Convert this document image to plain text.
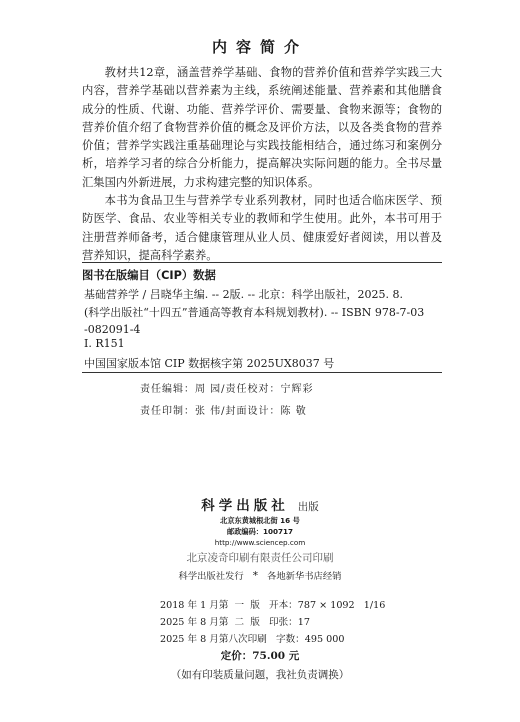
内容简介

教材共12章，涵盖营养学基础、食物的营养价值和营养学实践三大内容，营养学基础以营养素为主线，系统阐述能量、营养素和其他膳食成分的性质、代谢、功能、营养学评价、需要量、食物来源等；食物的营养价值介绍了食物营养价值的概念及评价方法，以及各类食物的营养价值；营养学实践注重基础理论与实践技能相结合，通过练习和案例分析，培养学习者的综合分析能力，提高解决实际问题的能力。全书尽量汇集国内外新进展，力求构建完整的知识体系。

本书为食品卫生与营养学专业系列教材，同时也适合临床医学、预防医学、食品、农业等相关专业的教师和学生使用。此外，本书可用于注册营养师备考，适合健康管理从业人员、健康爱好者阅读，用以普及营养知识，提高科学素养。

图书在版编目（CIP）数据

基础营养学 / 吕晓华主编. -- 2版. -- 北京：科学出版社，2025. 8.

(科学出版社“十四五”普通高等教育本科规划教材). -- ISBN 978-7-03

-082091-4

Ⅰ. R151
中国国家版本馆 CIP 数据核字第 2025UX8037 号
责任编辑：周 园/责任校对：宁辉彩
责任印制：张 伟/封面设计：陈 敬
科学出版社 出版
北京东黄城根北街 16 号
邮政编码：100717
http://www.sciencep.com
北京凌奇印刷有限责任公司印刷
科学出版社发行 * 各地新华书店经销
2018 年 1 月第  一  版   开本：787 × 1092   1/16
2025 年 8 月第  二  版   印张：17
2025 年 8 月第八次印刷   字数：495 000
定价：75.00 元
（如有印装质量问题，我社负责调换）
